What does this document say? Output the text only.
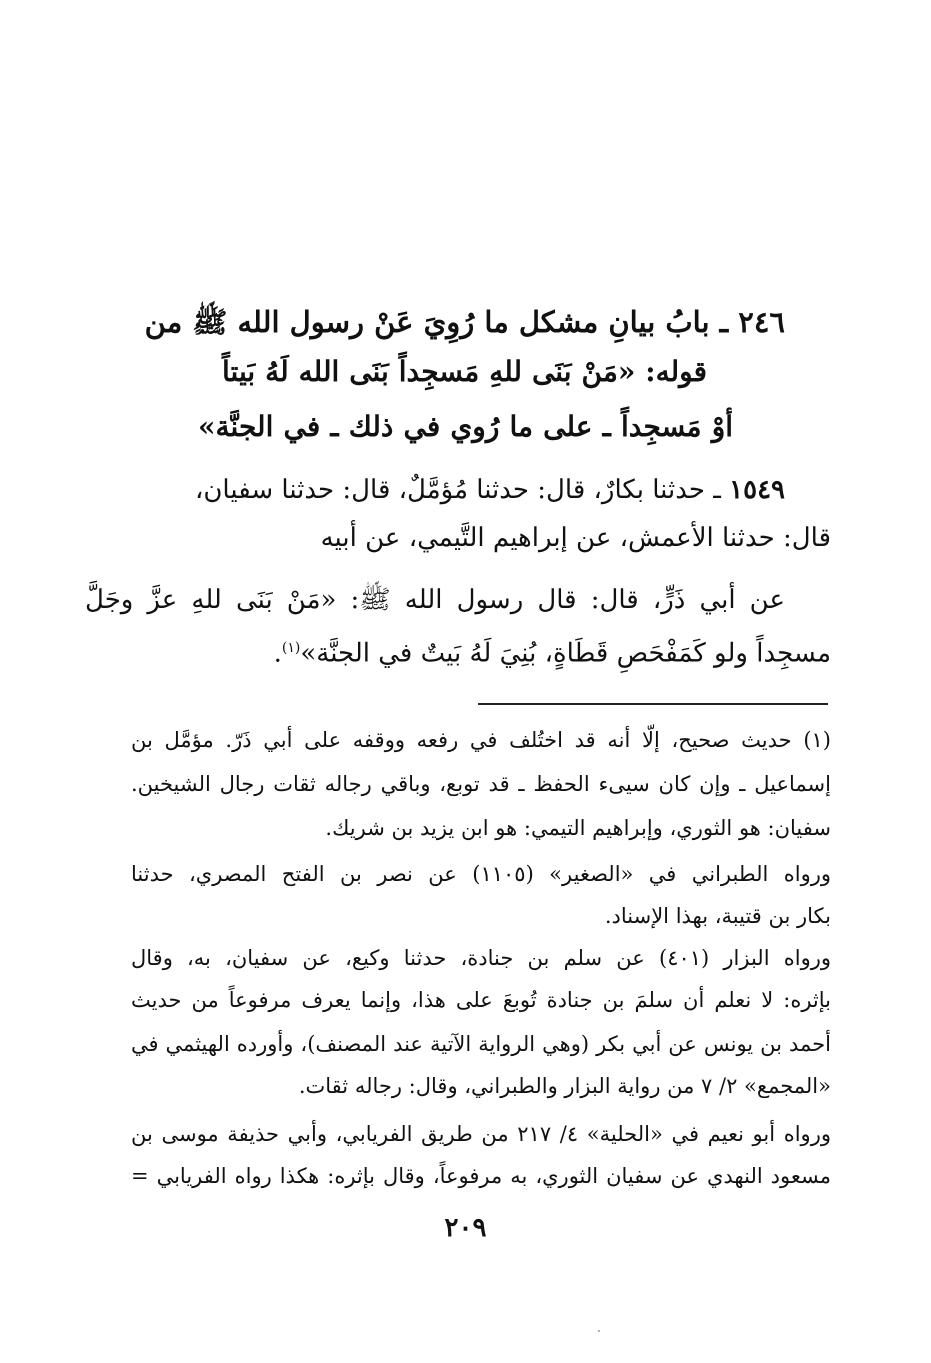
٢٤٦ ـ بابُ بيانِ مشكل ما رُوِيَ عَنْ رسول الله ﷺ من
قوله: «مَنْ بَنَى للهِ مَسجِداً بَنَى الله لَهُ بَيتاً
أوْ مَسجِداً ـ على ما رُوي في ذلك ـ في الجنَّة»
١٥٤٩ ـ حدثنا بكارٌ، قال: حدثنا مُؤمَّلٌ، قال: حدثنا سفيان،
قال: حدثنا الأعمش، عن إبراهيم التَّيمي، عن أبيه
عن أبي ذَرٍّ، قال: قال رسول الله ﷺ: «مَنْ بَنَى للهِ عزَّ وجَلَّ
مسجِداً ولو كَمَفْحَصِ قَطَاةٍ، بُنِيَ لَهُ بَيتٌ في الجنَّة»$^{(١)}$.
(١) حديث صحيح، إلّا أنه قد اختُلف في رفعه ووقفه على أبي ذَرّ. مؤمَّل بن
إسماعيل ـ وإن كان سيىء الحفظ ـ قد توبع، وباقي رجاله ثقات رجال الشيخين.
سفيان: هو الثوري، وإبراهيم التيمي: هو ابن يزيد بن شريك.
ورواه الطبراني في «الصغير» (١١٠٥) عن نصر بن الفتح المصري، حدثنا
بكار بن قتيبة، بهذا الإسناد.
ورواه البزار (٤٠١) عن سلم بن جنادة، حدثنا وكيع، عن سفيان، به، وقال
بإثره: لا نعلم أن سلمَ بن جنادة تُوبعَ على هذا، وإنما يعرف مرفوعاً من حديث
أحمد بن يونس عن أبي بكر (وهي الرواية الآتية عند المصنف)، وأورده الهيثمي في
«المجمع» ٢/ ٧ من رواية البزار والطبراني، وقال: رجاله ثقات.
ورواه أبو نعيم في «الحلية» ٤/ ٢١٧ من طريق الفريابي، وأبي حذيفة موسى بن
مسعود النهدي عن سفيان الثوري، به مرفوعاً، وقال بإثره: هكذا رواه الفريابي =
٢٠٩
